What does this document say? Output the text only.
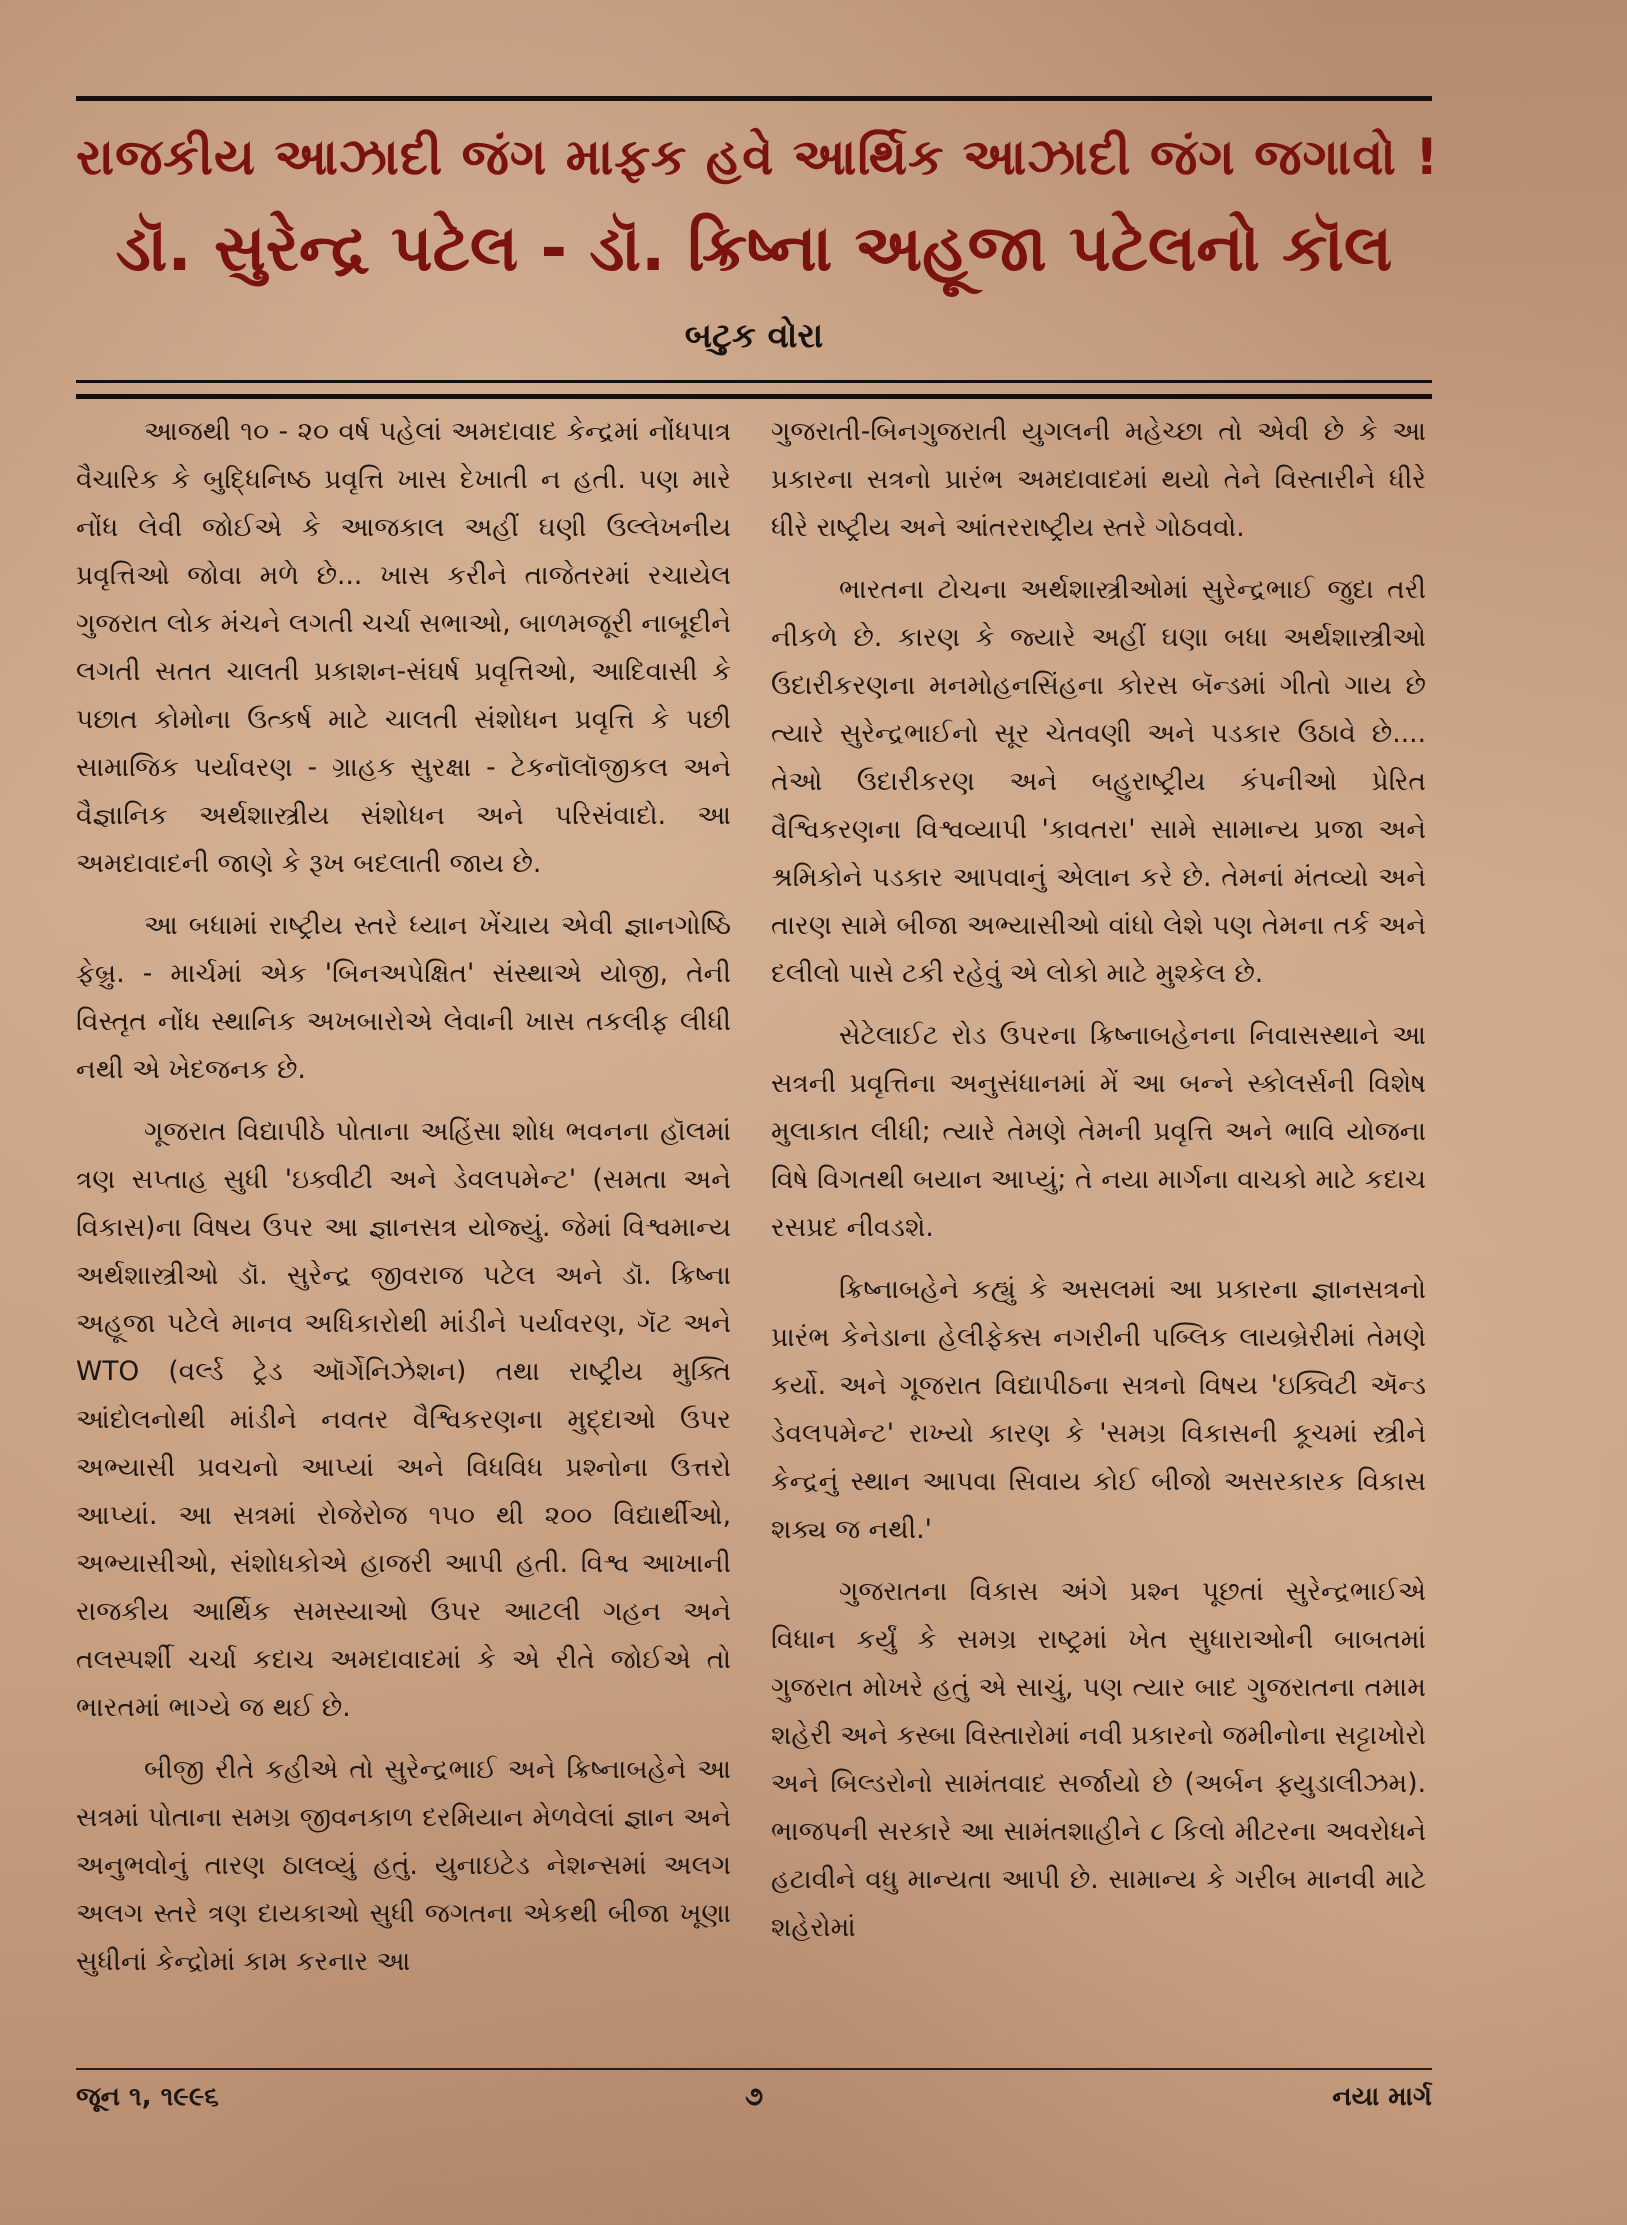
રાજકીય આઝાદી જંગ માફક હવે આર્થિક આઝાદી જંગ જગાવો !
ડૉ. સુરેન્દ્ર પટેલ - ડૉ. ક્રિષ્ના અહૂજા પટેલનો કૉલ
બટુક વોરા

આજથી ૧૦ - ૨૦ વર્ષ પહેલાં અમદાવાદ કેન્દ્રમાં નોંધપાત્ર વૈચારિક કે બુદ્ધિનિષ્ઠ પ્રવૃત્તિ ખાસ દેખાતી ન હતી. પણ મારે નોંધ લેવી જોઈએ કે આજકાલ અહીં ઘણી ઉલ્લેખનીય પ્રવૃત્તિઓ જોવા મળે છે... ખાસ કરીને તાજેતરમાં રચાયેલ ગુજરાત લોક મંચને લગતી ચર્ચા સભાઓ, બાળમજૂરી નાબૂદીને લગતી સતત ચાલતી પ્રકાશન-સંઘર્ષ પ્રવૃત્તિઓ, આદિવાસી કે પછાત કોમોના ઉત્કર્ષ માટે ચાલતી સંશોધન પ્રવૃત્તિ કે પછી સામાજિક પર્યાવરણ - ગ્રાહક સુરક્ષા - ટેકનૉલૉજીકલ અને વૈજ્ઞાનિક અર્થશાસ્ત્રીય સંશોધન અને પરિસંવાદો. આ અમદાવાદની જાણે કે રૂખ બદલાતી જાય છે.

આ બધામાં રાષ્ટ્રીય સ્તરે ધ્યાન ખેંચાય એવી જ્ઞાનગોષ્ઠિ ફેબ્રુ. - માર્ચમાં એક 'બિનઅપેક્ષિત' સંસ્થાએ યોજી, તેની વિસ્તૃત નોંધ સ્થાનિક અખબારોએ લેવાની ખાસ તકલીફ લીધી નથી એ ખેદજનક છે.

ગૂજરાત વિદ્યાપીઠે પોતાના અહિંસા શોધ ભવનના હૉલમાં ત્રણ સપ્તાહ સુધી 'ઇક્વીટી અને ડેવલપમેન્ટ' (સમતા અને વિકાસ)ના વિષય ઉપર આ જ્ઞાનસત્ર યોજ્યું. જેમાં વિશ્વમાન્ય અર્થશાસ્ત્રીઓ ડૉ. સુરેન્દ્ર જીવરાજ પટેલ અને ડૉ. ક્રિષ્ના અહૂજા પટેલે માનવ અધિકારોથી માંડીને પર્યાવરણ, ગૅટ અને WTO (વર્લ્ડ ટ્રેડ ઑર્ગેનિઝેશન) તથા રાષ્ટ્રીય મુક્તિ આંદોલનોથી માંડીને નવતર વૈશ્વિકરણના મુદ્દાઓ ઉપર અભ્યાસી પ્રવચનો આપ્યાં અને વિધવિધ પ્રશ્નોના ઉત્તરો આપ્યાં. આ સત્રમાં રોજેરોજ ૧૫૦ થી ૨૦૦ વિદ્યાર્થીઓ, અભ્યાસીઓ, સંશોધકોએ હાજરી આપી હતી. વિશ્વ આખાની રાજકીય આર્થિક સમસ્યાઓ ઉપર આટલી ગહન અને તલસ્પર્શી ચર્ચા કદાચ અમદાવાદમાં કે એ રીતે જોઈએ તો ભારતમાં ભાગ્યે જ થઈ છે.

બીજી રીતે કહીએ તો સુરેન્દ્રભાઈ અને ક્રિષ્નાબહેને આ સત્રમાં પોતાના સમગ્ર જીવનકાળ દરમિયાન મેળવેલાં જ્ઞાન અને અનુભવોનું તારણ ઠાલવ્યું હતું. યુનાઇટેડ નેશન્સમાં અલગ અલગ સ્તરે ત્રણ દાયકાઓ સુધી જગતના એકથી બીજા ખૂણા સુધીનાં કેન્દ્રોમાં કામ કરનાર આ

ગુજરાતી-બિનગુજરાતી યુગલની મહેચ્છા તો એવી છે કે આ પ્રકારના સત્રનો પ્રારંભ અમદાવાદમાં થયો તેને વિસ્તારીને ધીરે ધીરે રાષ્ટ્રીય અને આંતરરાષ્ટ્રીય સ્તરે ગોઠવવો.

ભારતના ટોચના અર્થશાસ્ત્રીઓમાં સુરેન્દ્રભાઈ જુદા તરી નીકળે છે. કારણ કે જ્યારે અહીં ઘણા બધા અર્થશાસ્ત્રીઓ ઉદારીકરણના મનમોહનસિંહના કોરસ બૅન્ડમાં ગીતો ગાય છે ત્યારે સુરેન્દ્રભાઈનો સૂર ચેતવણી અને પડકાર ઉઠાવે છે.... તેઓ ઉદારીકરણ અને બહુરાષ્ટ્રીય કંપનીઓ પ્રેરિત વૈશ્વિકરણના વિશ્વવ્યાપી 'કાવતરા' સામે સામાન્ય પ્રજા અને શ્રમિકોને પડકાર આપવાનું એલાન કરે છે. તેમનાં મંતવ્યો અને તારણ સામે બીજા અભ્યાસીઓ વાંધો લેશે પણ તેમના તર્ક અને દલીલો પાસે ટકી રહેવું એ લોકો માટે મુશ્કેલ છે.

સેટેલાઈટ રોડ ઉપરના ક્રિષ્નાબહેનના નિવાસસ્થાને આ સત્રની પ્રવૃત્તિના અનુસંધાનમાં મેં આ બન્ને સ્કોલર્સની વિશેષ મુલાકાત લીધી; ત્યારે તેમણે તેમની પ્રવૃત્તિ અને ભાવિ યોજના વિષે વિગતથી બયાન આપ્યું; તે નયા માર્ગના વાચકો માટે કદાચ રસપ્રદ નીવડશે.

ક્રિષ્નાબહેને કહ્યું કે અસલમાં આ પ્રકારના જ્ઞાનસત્રનો પ્રારંભ કેનેડાના હેલીફેક્સ નગરીની પબ્લિક લાયબ્રેરીમાં તેમણે કર્યો. અને ગૂજરાત વિદ્યાપીઠના સત્રનો વિષય 'ઇક્વિટી ઍન્ડ ડેવલપમેન્ટ' રાખ્યો કારણ કે 'સમગ્ર વિકાસની કૂચમાં સ્ત્રીને કેન્દ્રનું સ્થાન આપવા સિવાય કોઈ બીજો અસરકારક વિકાસ શક્ય જ નથી.'

ગુજરાતના વિકાસ અંગે પ્રશ્ન પૂછતાં સુરેન્દ્રભાઈએ વિધાન કર્યું કે સમગ્ર રાષ્ટ્રમાં ખેત સુધારાઓની બાબતમાં ગુજરાત મોખરે હતું એ સાચું, પણ ત્યાર બાદ ગુજરાતના તમામ શહેરી અને કસ્બા વિસ્તારોમાં નવી પ્રકારનો જમીનોના સટ્ટાખોરો અને બિલ્ડરોનો સામંતવાદ સર્જાયો છે (અર્બન ફ્યુડાલીઝમ). ભાજપની સરકારે આ સામંતશાહીને ૮ કિલો મીટરના અવરોધને હટાવીને વધુ માન્યતા આપી છે. સામાન્ય કે ગરીબ માનવી માટે શહેરોમાં

જૂન ૧, ૧૯૯૬	૭	નયા માર્ગ
